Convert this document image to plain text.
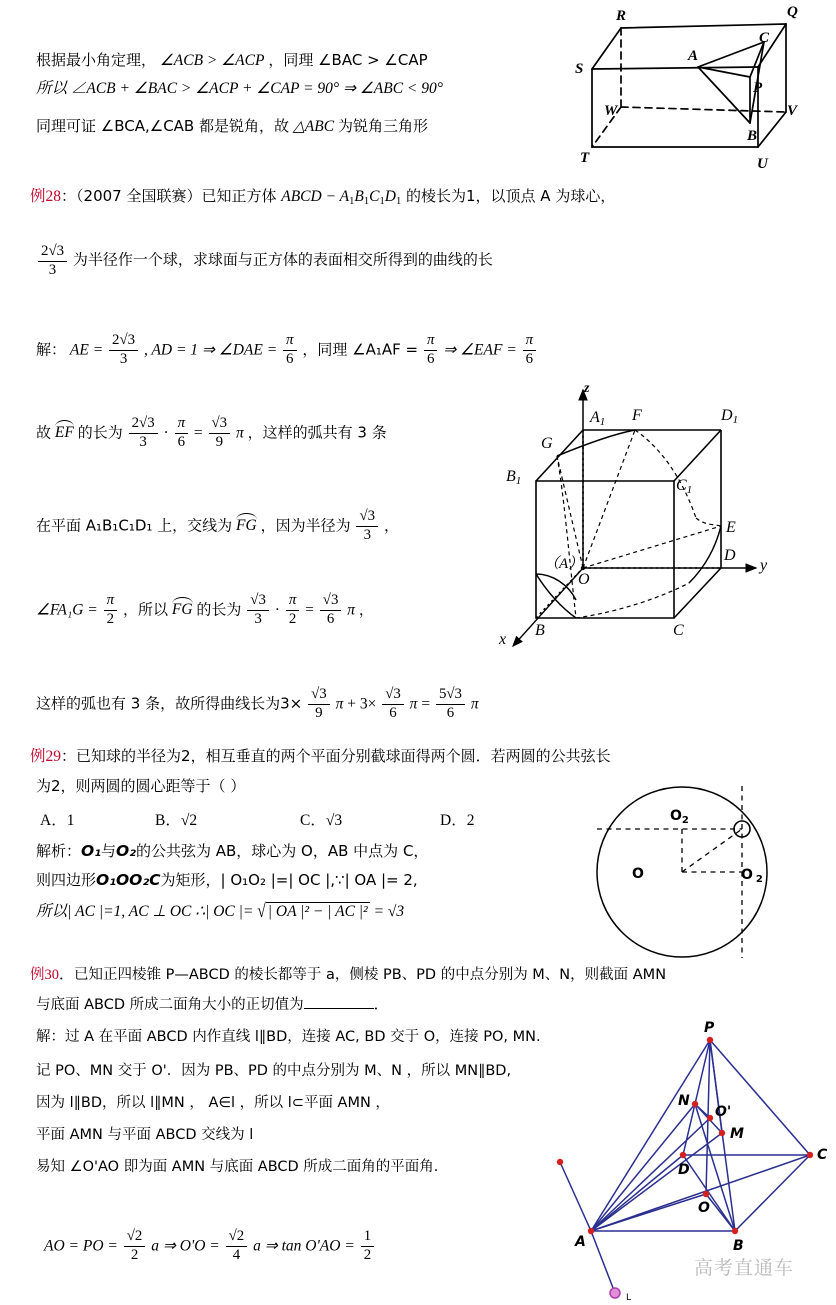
R	Q
S
A
C
P
W	V
B
T	U
根据最小角定理， ∠ACB > ∠ACP ，同理 ∠BAC > ∠CAP
所以 ∠ACB + ∠BAC > ∠ACP + ∠CAP = 90° ⇒ ∠ABC < 90°
同理可证 ∠BCA,∠CAB 都是锐角，故 △ABC 为锐角三角形
例28：（2007 全国联赛）已知正方体 ABCD − $A_1B_1C_1D_1$ 的棱长为1，以顶点 A 为球心，
$\frac{2√3}{3}$ 为半径作一个球，求球面与正方体的表面相交所得到的曲线的长
解： AE = $\frac{2√3}{3}$ , AD = 1 ⇒ ∠DAE = $\frac{\pi}{6}$ ，同理 ∠A₁AF = $\frac{\pi}{6}$ ⇒ ∠EAF = $\frac{\pi}{6}$
故 EF 的长为 $\frac{2√3}{3} \cdot \frac{\pi}{6} = \frac{√3}{9}$ π ，这样的弧共有 3 条
在平面 A₁B₁C₁D₁ 上，交线为 FG ，因为半径为 $\frac{√3}{3}$ ，
∠FA₁G = $\frac{\pi}{2}$ ，所以 FG 的长为 $\frac{√3}{3} \cdot \frac{\pi}{2} = \frac{√3}{6}$ π ，
这样的弧也有 3 条，故所得曲线长为$3\times \frac{√3}{9}$ $\pi + 3\times \frac{√3}{6}$ $\pi = \frac{5√3}{6}$ π
z
y
x
A1 F	D1
G
B1	C1
E
D
（A）
O
B	C
例29：已知球的半径为2，相互垂直的两个平面分别截球面得两个圆．若两圆的公共弦长
为2，则两圆的圆心距等于（ ）
A．1	B．√2	C．√3	D．2
解析：O₁与O₂的公共弦为 AB，球心为 O，AB 中点为 C，
则四边形O₁OO₂C为矩形，| O₁O₂ |=| OC |,∵| OA |= 2,
所以| AC |=1, AC ⊥ OC ∴| OC |= √ | OA |² − | AC |² = √3
$O_2$
O	O $_2$
例30．已知正四棱锥 P—ABCD 的棱长都等于 a，侧棱 PB、PD 的中点分别为 M、N，则截面 AMN
与底面 ABCD 所成二面角大小的正切值为	．
解：过 A 在平面 ABCD 内作直线 l∥BD，连接 AC, BD 交于 O，连接 PO, MN.
记 PO、MN 交于 O'．因为 PB、PD 的中点分别为 M、N ，所以 MN∥BD,
因为 l∥BD，所以 l∥MN ， A∈l ，所以 l⊂平面 AMN ，
平面 AMN 与平面 ABCD 交线为 l
易知 ∠O'AO 即为面 AMN 与底面 ABCD 所成二面角的平面角.
AO = PO = $\frac{√2}{2}$ a ⇒ $O'O = \frac{√2}{4}$ a ⇒ $\tan O'AO = \frac{1}{2}$
P
N
O'
M
C
D
O
A	B
L
高考直通车
